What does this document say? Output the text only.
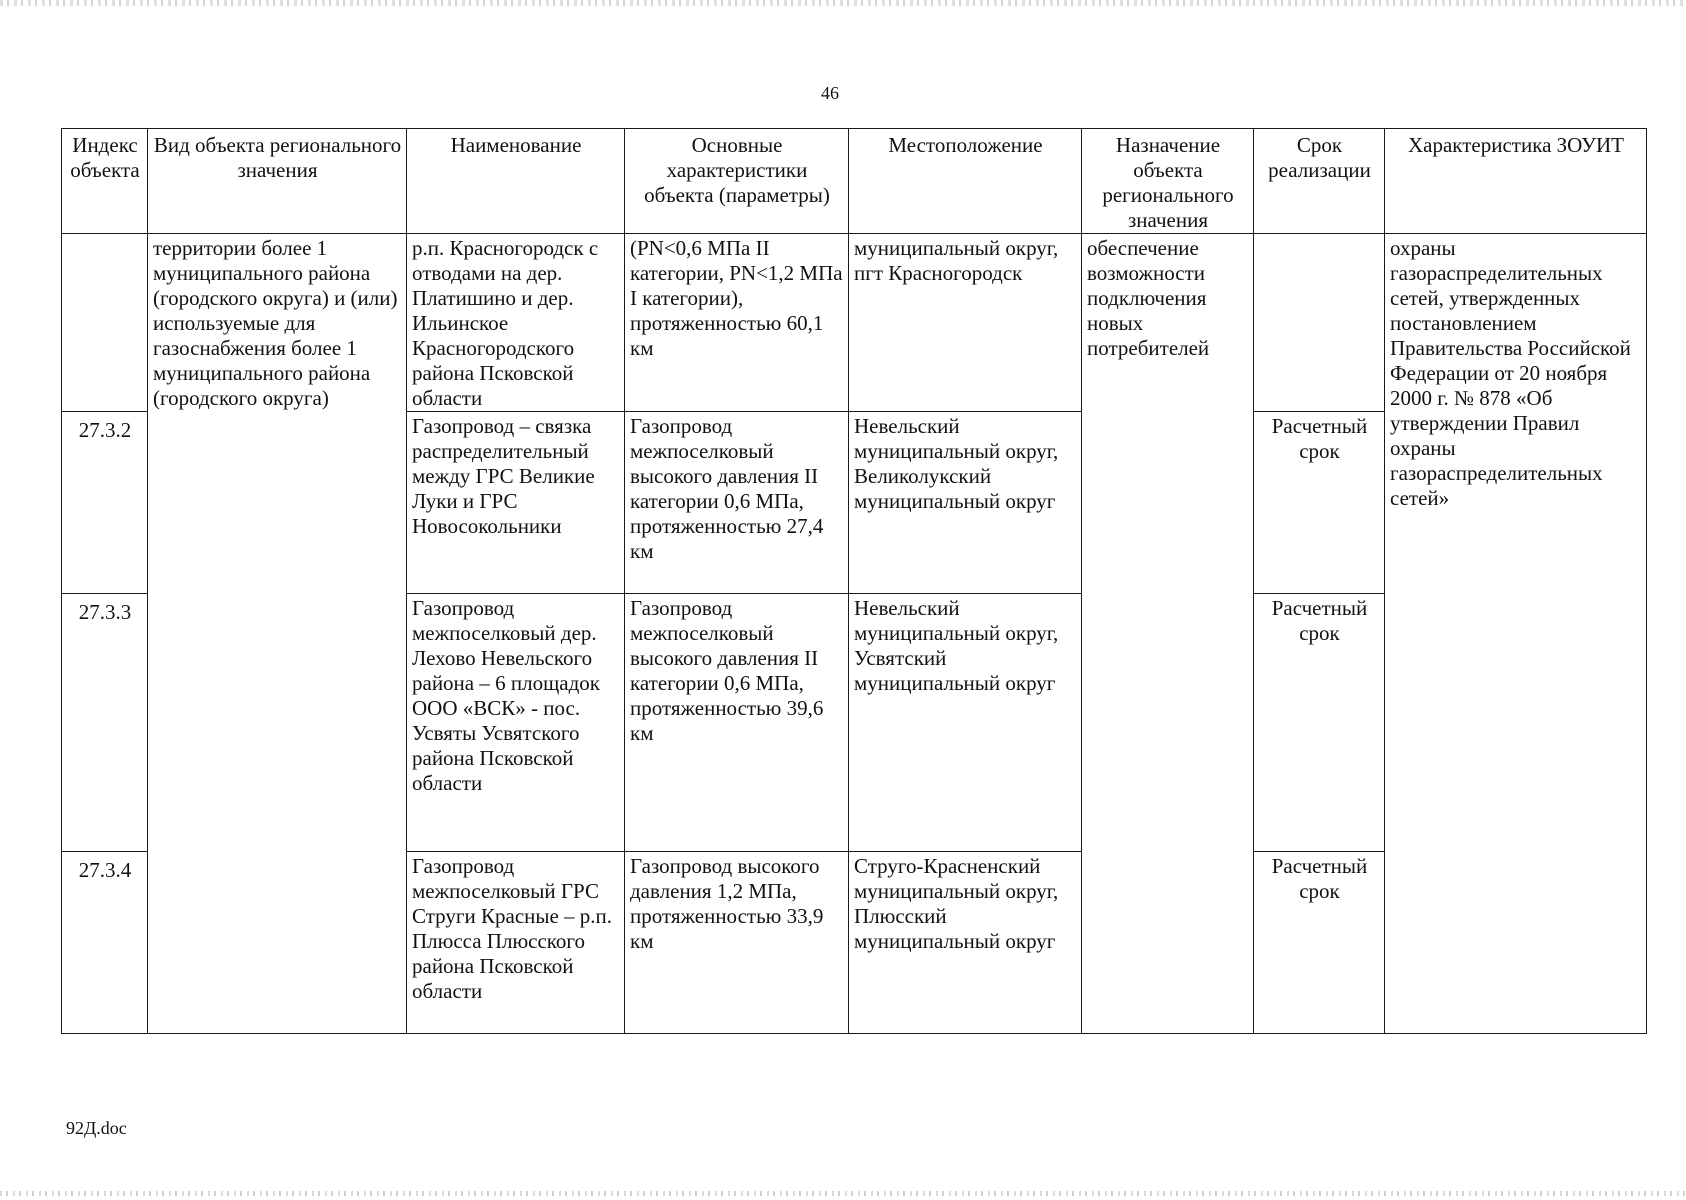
46
Индекс объекта	Вид объекта регионального значения	Наименование	Основные характеристики объекта (параметры)	Местоположение	Назначение объекта регионального значения	Срок реализации	Характеристика ЗОУИТ
	территории более 1 муниципального района (городского округа) и (или) используемые для газоснабжения более 1 муниципального района (городского округа)	р.п. Красногородск с отводами на дер. Платишино и дер. Ильинское Красногородского района Псковской области	(PN<0,6 МПа II категории, PN<1,2 МПа I категории), протяженностью 60,1 км	муниципальный округ, пгт Красногородск	обеспечение возможности подключения новых потребителей		охраны газораспределительных сетей, утвержденных постановлением Правительства Российской Федерации от 20 ноября 2000 г. № 878 «Об утверждении Правил охраны газораспределительных сетей»
27.3.2		Газопровод – связка распределительный между ГРС Великие Луки и ГРС Новосокольники	Газопровод межпоселковый высокого давления II категории 0,6 МПа, протяженностью 27,4 км	Невельский муниципальный округ, Великолукский муниципальный округ		Расчетный срок	
27.3.3		Газопровод межпоселковый дер. Лехово Невельского района – 6 площадок ООО «ВСК» - пос. Усвяты Усвятского района Псковской области	Газопровод межпоселковый высокого давления II категории 0,6 МПа, протяженностью 39,6 км	Невельский муниципальный округ, Усвятский муниципальный округ		Расчетный срок	
27.3.4		Газопровод межпоселковый ГРС Струги Красные – р.п. Плюсса Плюсского района Псковской области	Газопровод высокого давления 1,2 МПа, протяженностью 33,9 км	Струго-Красненский муниципальный округ, Плюсский муниципальный округ		Расчетный срок	
92Д.doc
